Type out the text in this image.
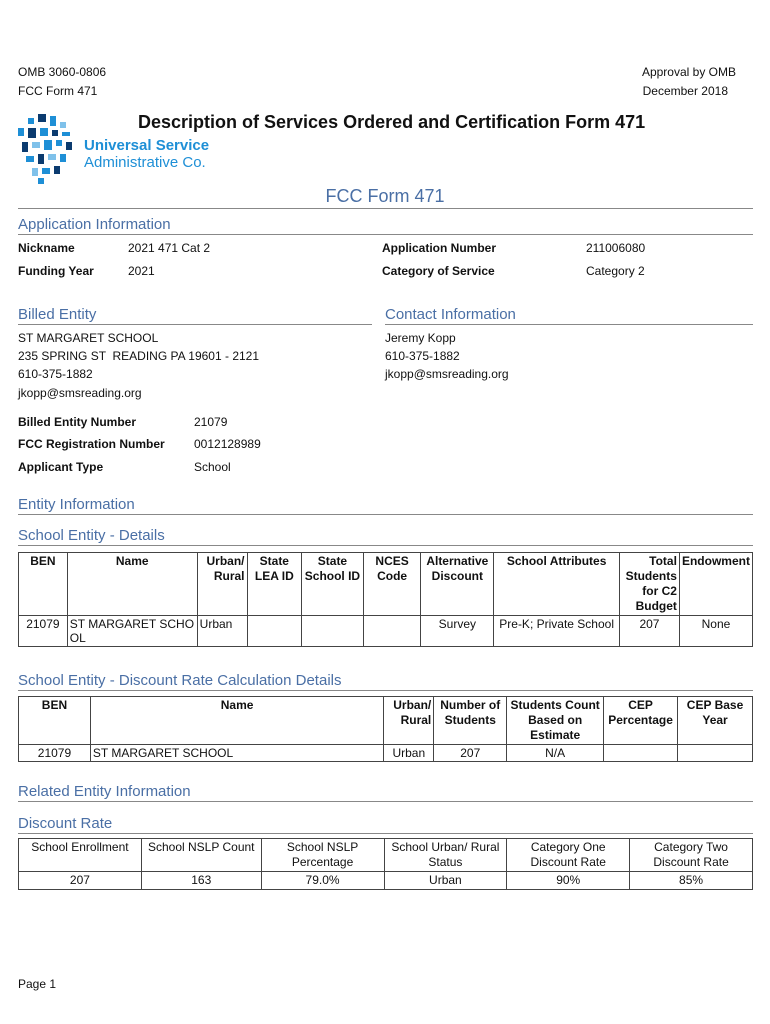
OMB 3060-0806
FCC Form 471
Approval by OMB
December 2018
Universal Service
Administrative Co.
Description of Services Ordered and Certification Form 471
FCC Form 471
Application Information
Nickname	2021 471 Cat 2
Funding Year	2021
Application Number	211006080
Category of Service	Category 2
Billed Entity
ST MARGARET SCHOOL
235 SPRING ST  READING PA 19601 - 2121
610-375-1882
jkopp@smsreading.org
Billed Entity Number	21079
FCC Registration Number 0012128989
Applicant Type	School
Contact Information
Jeremy Kopp
610-375-1882
jkopp@smsreading.org
Entity Information
School Entity - Details
BEN	Name	Urban/ Rural	State LEA ID	State School ID	NCES Code	Alternative Discount	School Attributes	Total Students for C2 Budget	Endowment
21079	ST MARGARET SCHO OL	Urban				Survey	Pre-K; Private School	207	None
School Entity - Discount Rate Calculation Details
BEN	Name	Urban/ Rural	Number of Students	Students Count Based on Estimate	CEP Percentage	CEP Base Year
21079	ST MARGARET SCHOOL	Urban	207	N/A		
Related Entity Information
Discount Rate
School Enrollment	School NSLP Count	School NSLP Percentage	School Urban/ Rural Status	Category One Discount Rate	Category Two Discount Rate
207	163	79.0%	Urban	90%	85%
Page 1
